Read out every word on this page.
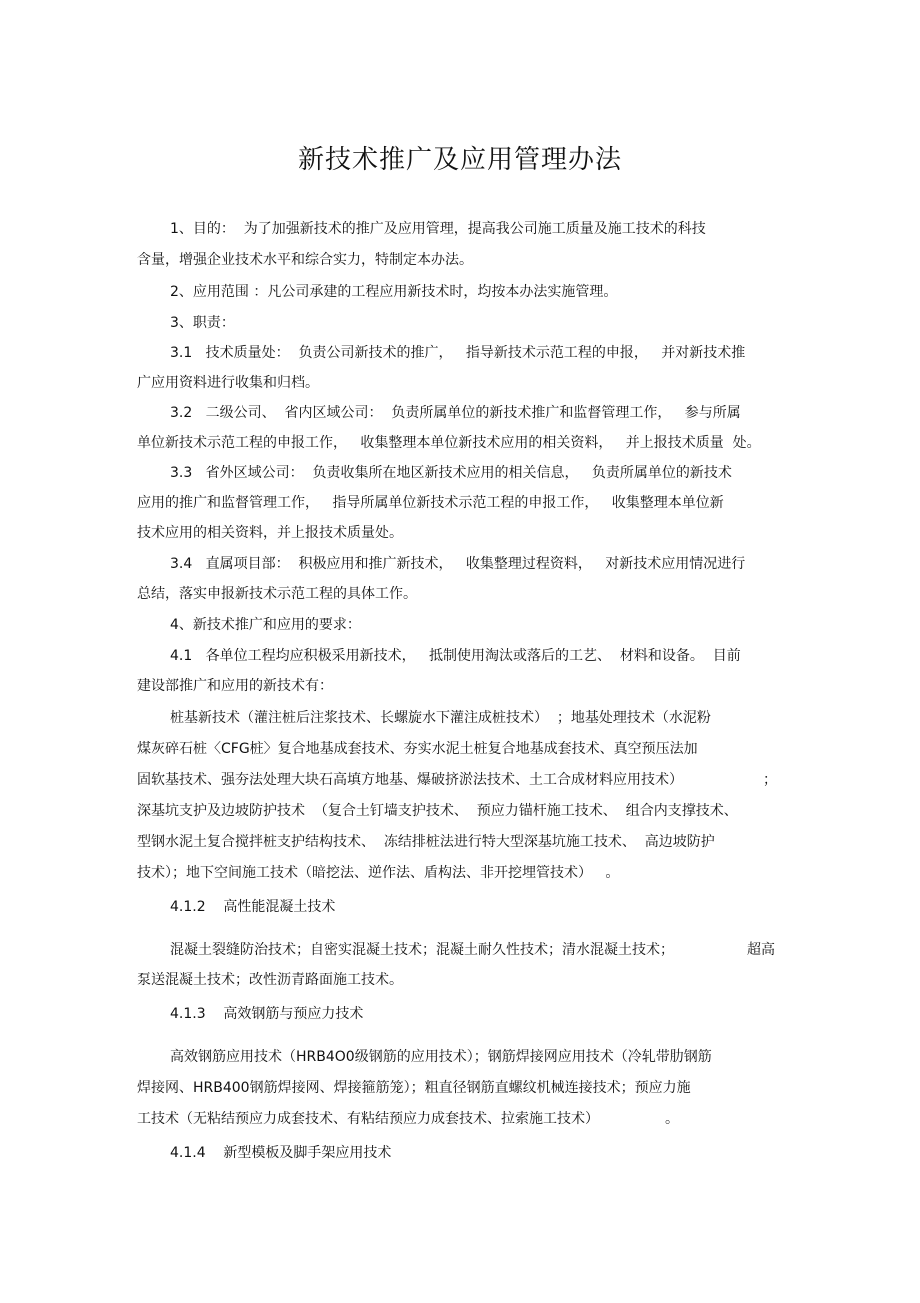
新技术推广及应用管理办法
1、目的：  为了加强新技术的推广及应用管理，提高我公司施工质量及施工技术的科技
含量，增强企业技术水平和综合实力，特制定本办法。
2、应用范围 ：凡公司承建的工程应用新技术时，均按本办法实施管理。
3、职责：
3.1   技术质量处：  负责公司新技术的推广，   指导新技术示范工程的申报，   并对新技术推
广应用资料进行收集和归档。
3.2   二级公司、  省内区域公司：  负责所属单位的新技术推广和监督管理工作，   参与所属
单位新技术示范工程的申报工作，   收集整理本单位新技术应用的相关资料，   并上报技术质量  处。
3.3   省外区域公司：  负责收集所在地区新技术应用的相关信息，   负责所属单位的新技术
应用的推广和监督管理工作，   指导所属单位新技术示范工程的申报工作，   收集整理本单位新
技术应用的相关资料，并上报技术质量处。
3.4   直属项目部：  积极应用和推广新技术，   收集整理过程资料，   对新技术应用情况进行
总结，落实申报新技术示范工程的具体工作。
4、新技术推广和应用的要求：
4.1   各单位工程均应积极采用新技术，   抵制使用淘汰或落后的工艺、  材料和设备。  目前
建设部推广和应用的新技术有：
桩基新技术（灌注桩后注浆技术、长螺旋水下灌注成桩技术）  ；地基处理技术（水泥粉
煤灰碎石桩〈CFG桩〉复合地基成套技术、夯实水泥土桩复合地基成套技术、真空预压法加
固软基技术、强夯法处理大块石高填方地基、爆破挤淤法技术、土工合成材料应用技术）	；
深基坑支护及边坡防护技术  （复合土钉墙支护技术、  预应力锚杆施工技术、  组合内支撑技术、
型钢水泥土复合搅拌桩支护结构技术、  冻结排桩法进行特大型深基坑施工技术、  高边坡防护
技术）；地下空间施工技术（暗挖法、逆作法、盾构法、非开挖埋管技术）   。
4.1.2    高性能混凝土技术
混凝土裂缝防治技术；自密实混凝土技术；混凝土耐久性技术；清水混凝土技术；	超高
泵送混凝土技术；改性沥青路面施工技术。
4.1.3    高效钢筋与预应力技术
高效钢筋应用技术（HRB4O0级钢筋的应用技术）；钢筋焊接网应用技术（冷轧带肋钢筋
焊接网、HRB400钢筋焊接网、焊接箍筋笼）；粗直径钢筋直螺纹机械连接技术；预应力施
工技术（无粘结预应力成套技术、有粘结预应力成套技术、拉索施工技术）	。
4.1.4    新型模板及脚手架应用技术
